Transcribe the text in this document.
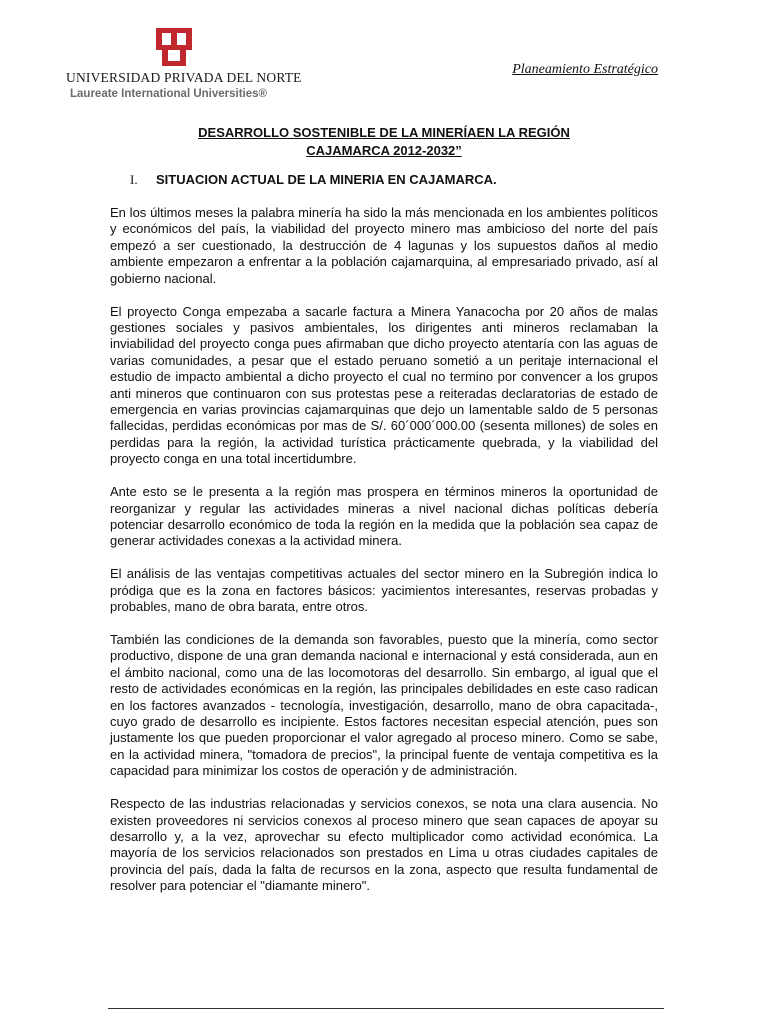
UNIVERSIDAD PRIVADA DEL NORTE
Laureate International Universities®
Planeamiento Estratégico
DESARROLLO SOSTENIBLE DE LA MINERÍAEN LA REGIÓN
CAJAMARCA 2012-2032”
I. SITUACION ACTUAL DE LA MINERIA EN CAJAMARCA.

En los últimos meses la palabra minería ha sido la más mencionada en los ambientes políticos y económicos del país, la viabilidad del proyecto minero mas ambicioso del norte del país empezó a ser cuestionado, la destrucción de 4 lagunas y los supuestos daños al medio ambiente empezaron a enfrentar a la población cajamarquina, al empresariado privado, así al gobierno nacional.

El proyecto Conga empezaba a sacarle factura a Minera Yanacocha por 20 años de malas gestiones sociales y pasivos ambientales, los dirigentes anti mineros reclamaban la inviabilidad del proyecto conga pues afirmaban que dicho proyecto atentaría con las aguas de varias comunidades, a pesar que el estado peruano sometió a un peritaje internacional el estudio de impacto ambiental a dicho proyecto el cual no termino por convencer a los grupos anti mineros que continuaron con sus protestas pese a reiteradas declaratorias de estado de emergencia en varias provincias cajamarquinas que dejo un lamentable saldo de 5 personas fallecidas, perdidas económicas por mas de S/. 60´000´000.00 (sesenta millones) de soles en perdidas para la región, la actividad turística prácticamente quebrada, y la viabilidad del proyecto conga en una total incertidumbre.

Ante esto se le presenta a la región mas prospera en términos mineros la oportunidad de reorganizar y regular las actividades mineras a nivel nacional dichas políticas debería potenciar desarrollo económico de toda la región en la medida que la población sea capaz de generar actividades conexas a la actividad minera.

El análisis de las ventajas competitivas actuales del sector minero en la Subregión indica lo pródiga que es la zona en factores básicos: yacimientos interesantes, reservas probadas y probables, mano de obra barata, entre otros.

También las condiciones de la demanda son favorables, puesto que la minería, como sector productivo, dispone de una gran demanda nacional e internacional y está considerada, aun en el ámbito nacional, como una de las locomotoras del desarrollo. Sin embargo, al igual que el resto de actividades económicas en la región, las principales debilidades en este caso radican en los factores avanzados - tecnología, investigación, desarrollo, mano de obra capacitada-, cuyo grado de desarrollo es incipiente. Estos factores necesitan especial atención, pues son justamente los que pueden proporcionar el valor agregado al proceso minero. Como se sabe, en la actividad minera, "tomadora de precios", la principal fuente de ventaja competitiva es la capacidad para minimizar los costos de operación y de administración.

Respecto de las industrias relacionadas y servicios conexos, se nota una clara ausencia. No existen proveedores ni servicios conexos al proceso minero que sean capaces de apoyar su desarrollo y, a la vez, aprovechar su efecto multiplicador como actividad económica. La mayoría de los servicios relacionados son prestados en Lima u otras ciudades capitales de provincia del país, dada la falta de recursos en la zona, aspecto que resulta fundamental de resolver para potenciar el "diamante minero".
